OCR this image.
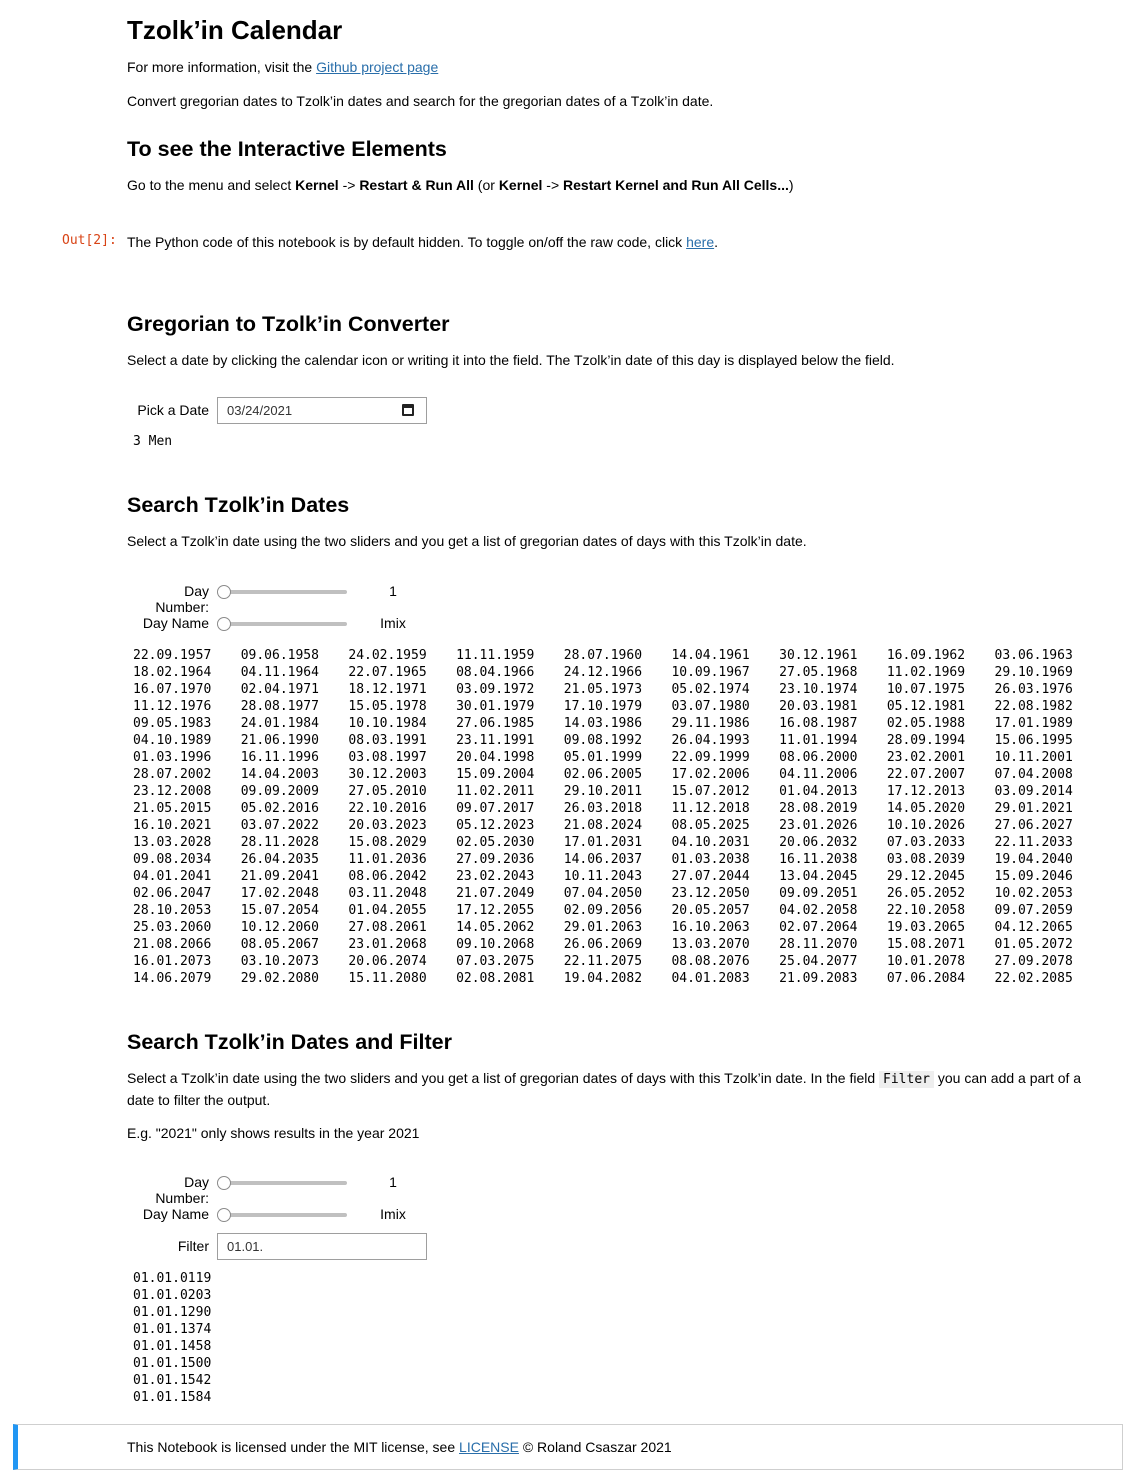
Tzolk’in Calendar

For more information, visit the Github project page

Convert gregorian dates to Tzolk’in dates and search for the gregorian dates of a Tzolk’in date.

To see the Interactive Elements

Go to the menu and select Kernel -> Restart & Run All (or Kernel -> Restart Kernel and Run All Cells...)

Out[2]: The Python code of this notebook is by default hidden. To toggle on/off the raw code, click here.

Gregorian to Tzolk’in Converter

Select a date by clicking the calendar icon or writing it into the field. The Tzolk’in date of this day is displayed below the field.

Pick a Date	03/24/2021
3 Men
Search Tzolk’in Dates

Select a Tzolk’in date using the two sliders and you get a list of gregorian dates of days with this Tzolk’in date.

Day Number:
1
Day Name	Imix
22.09.1957	09.06.1958	24.02.1959	11.11.1959	28.07.1960	14.04.1961	30.12.1961	16.09.1962	03.06.1963
18.02.1964	04.11.1964	22.07.1965	08.04.1966	24.12.1966	10.09.1967	27.05.1968	11.02.1969	29.10.1969
16.07.1970	02.04.1971	18.12.1971	03.09.1972	21.05.1973	05.02.1974	23.10.1974	10.07.1975	26.03.1976
11.12.1976	28.08.1977	15.05.1978	30.01.1979	17.10.1979	03.07.1980	20.03.1981	05.12.1981	22.08.1982
09.05.1983	24.01.1984	10.10.1984	27.06.1985	14.03.1986	29.11.1986	16.08.1987	02.05.1988	17.01.1989
04.10.1989	21.06.1990	08.03.1991	23.11.1991	09.08.1992	26.04.1993	11.01.1994	28.09.1994	15.06.1995
01.03.1996	16.11.1996	03.08.1997	20.04.1998	05.01.1999	22.09.1999	08.06.2000	23.02.2001	10.11.2001
28.07.2002	14.04.2003	30.12.2003	15.09.2004	02.06.2005	17.02.2006	04.11.2006	22.07.2007	07.04.2008
23.12.2008	09.09.2009	27.05.2010	11.02.2011	29.10.2011	15.07.2012	01.04.2013	17.12.2013	03.09.2014
21.05.2015	05.02.2016	22.10.2016	09.07.2017	26.03.2018	11.12.2018	28.08.2019	14.05.2020	29.01.2021
16.10.2021	03.07.2022	20.03.2023	05.12.2023	21.08.2024	08.05.2025	23.01.2026	10.10.2026	27.06.2027
13.03.2028	28.11.2028	15.08.2029	02.05.2030	17.01.2031	04.10.2031	20.06.2032	07.03.2033	22.11.2033
09.08.2034	26.04.2035	11.01.2036	27.09.2036	14.06.2037	01.03.2038	16.11.2038	03.08.2039	19.04.2040
04.01.2041	21.09.2041	08.06.2042	23.02.2043	10.11.2043	27.07.2044	13.04.2045	29.12.2045	15.09.2046
02.06.2047	17.02.2048	03.11.2048	21.07.2049	07.04.2050	23.12.2050	09.09.2051	26.05.2052	10.02.2053
28.10.2053	15.07.2054	01.04.2055	17.12.2055	02.09.2056	20.05.2057	04.02.2058	22.10.2058	09.07.2059
25.03.2060	10.12.2060	27.08.2061	14.05.2062	29.01.2063	16.10.2063	02.07.2064	19.03.2065	04.12.2065
21.08.2066	08.05.2067	23.01.2068	09.10.2068	26.06.2069	13.03.2070	28.11.2070	15.08.2071	01.05.2072
16.01.2073	03.10.2073	20.06.2074	07.03.2075	22.11.2075	08.08.2076	25.04.2077	10.01.2078	27.09.2078
14.06.2079	29.02.2080	15.11.2080	02.08.2081	19.04.2082	04.01.2083	21.09.2083	07.06.2084	22.02.2085
Search Tzolk’in Dates and Filter

Select a Tzolk’in date using the two sliders and you get a list of gregorian dates of days with this Tzolk’in date. In the field Filter you can add a part of a date to filter the output.

E.g. "2021" only shows results in the year 2021

Day Number:
1
Day Name	Imix
Filter	01.01.
01.01.0119
01.01.0203
01.01.1290
01.01.1374
01.01.1458
01.01.1500
01.01.1542
01.01.1584

This Notebook is licensed under the MIT license, see LICENSE © Roland Csaszar 2021
